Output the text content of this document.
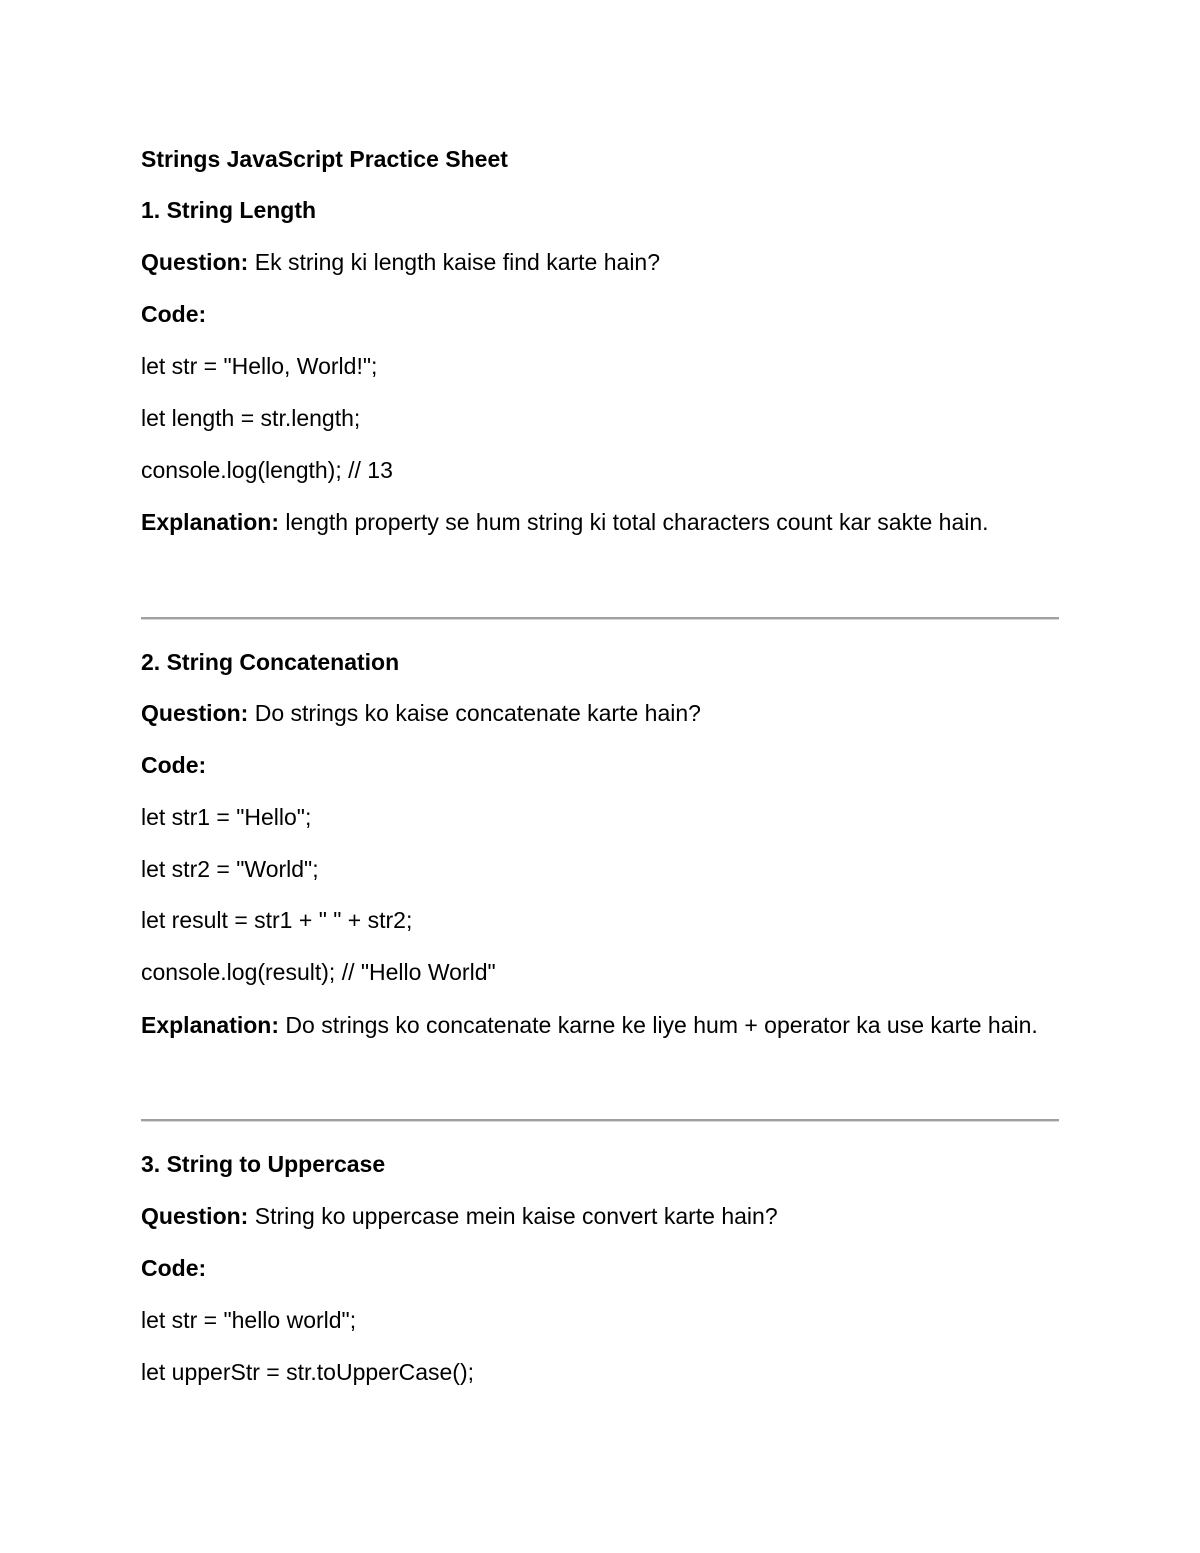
Strings JavaScript Practice Sheet
1. String Length
Question: Ek string ki length kaise find karte hain?
Code:
let str = "Hello, World!";
let length = str.length;
console.log(length); // 13
Explanation: length property se hum string ki total characters count kar sakte hain.
2. String Concatenation
Question: Do strings ko kaise concatenate karte hain?
Code:
let str1 = "Hello";
let str2 = "World";
let result = str1 + " " + str2;
console.log(result); // "Hello World"
Explanation: Do strings ko concatenate karne ke liye hum + operator ka use karte hain.
3. String to Uppercase
Question: String ko uppercase mein kaise convert karte hain?
Code:
let str = "hello world";
let upperStr = str.toUpperCase();
